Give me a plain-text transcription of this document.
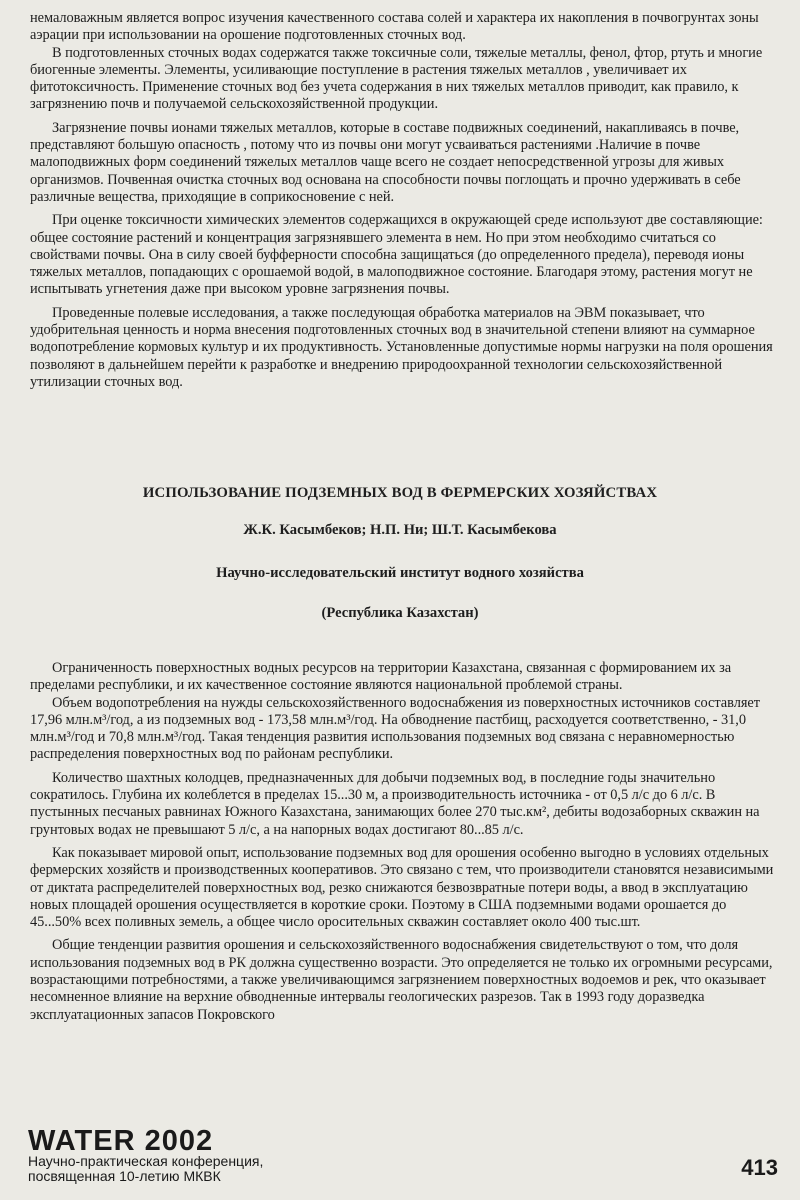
немаловажным является вопрос изучения качественного состава солей и характера их накопления в почвогрунтах зоны аэрации при использовании на орошение подготовленных сточных вод.

В подготовленных сточных водах содержатся также токсичные соли, тяжелые металлы, фенол, фтор, ртуть и многие биогенные элементы. Элементы, усиливающие поступление в растения тяжелых металлов , увеличивает их фитотоксичность. Применение сточных вод без учета содержания в них тяжелых металлов приводит, как правило, к загрязнению почв и получаемой сельскохозяйственной продукции.

Загрязнение почвы ионами тяжелых металлов, которые в составе подвижных соединений, накапливаясь в почве, представляют большую опасность , потому что из почвы они могут усваиваться растениями .Наличие в почве малоподвижных форм соединений тяжелых металлов чаще всего не создает непосредственной угрозы для живых организмов. Почвенная очистка сточных вод основана на способности почвы поглощать и прочно удерживать в себе различные вещества, приходящие в соприкосновение с ней.

При оценке токсичности химических элементов содержащихся в окружающей среде используют две составляющие: общее состояние растений и концентрация загрязнявшего элемента в нем. Но при этом необходимо считаться со свойствами почвы. Она в силу своей буфферности способна защищаться (до определенного предела), переводя ионы тяжелых металлов, попадающих с орошаемой водой, в малоподвижное состояние. Благодаря этому, растения могут не испытывать угнетения даже при высоком уровне загрязнения почвы.

Проведенные полевые исследования, а также последующая обработка материалов на ЭВМ показывает, что удобрительная ценность и норма внесения подготовленных сточных вод в значительной степени влияют на суммарное водопотребление кормовых культур и их продуктивность. Установленные допустимые нормы нагрузки на поля орошения позволяют в дальнейшем перейти к разработке и внедрению природоохранной технологии сельскохозяйственной утилизации сточных вод.

ИСПОЛЬЗОВАНИЕ ПОДЗЕМНЫХ ВОД В ФЕРМЕРСКИХ ХОЗЯЙСТВАХ
Ж.К. Касымбеков; Н.П. Ни; Ш.Т. Касымбекова
Научно-исследовательский институт водного хозяйства
(Республика Казахстан)

Ограниченность поверхностных водных ресурсов на территории Казахстана, связанная с формированием их за пределами республики, и их качественное состояние являются национальной проблемой страны.

Объем водопотребления на нужды сельскохозяйственного водоснабжения из поверхностных источников составляет 17,96 млн.м³/год, а из подземных вод - 173,58 млн.м³/год. На обводнение пастбищ, расходуется соответственно, - 31,0 млн.м³/год и 70,8 млн.м³/год. Такая тенденция развития использования подземных вод связана с неравномерностью распределения поверхностных вод по районам республики.

Количество шахтных колодцев, предназначенных для добычи подземных вод, в последние годы значительно сократилось. Глубина их колеблется в пределах 15...30 м, а производительность источника - от 0,5 л/с до 6 л/с. В пустынных песчаных равнинах Южного Казахстана, занимающих более 270 тыс.км², дебиты водозаборных скважин на грунтовых водах не превышают 5 л/с, а на напорных водах достигают 80...85 л/с.

Как показывает мировой опыт, использование подземных вод для орошения особенно выгодно в условиях отдельных фермерских хозяйств и производственных кооперативов. Это связано с тем, что производители становятся независимыми от диктата распределителей поверхностных вод, резко снижаются безвозвратные потери воды, а ввод в эксплуатацию новых площадей орошения осуществляется в короткие сроки. Поэтому в США подземными водами орошается до 45...50% всех поливных земель, а общее число оросительных скважин составляет около 400 тыс.шт.

Общие тенденции развития орошения и сельскохозяйственного водоснабжения свидетельствуют о том, что доля использования подземных вод в РК должна существенно возрасти. Это определяется не только их огромными ресурсами, возрастающими потребностями, а также увеличивающимся загрязнением поверхностных водоемов и рек, что оказывает несомненное влияние на верхние обводненные интервалы геологических разрезов. Так в 1993 году доразведка эксплуатационных запасов Покровского

WATER 2002
Научно-практическая конференция,
посвященная 10-летию МКВК	413
